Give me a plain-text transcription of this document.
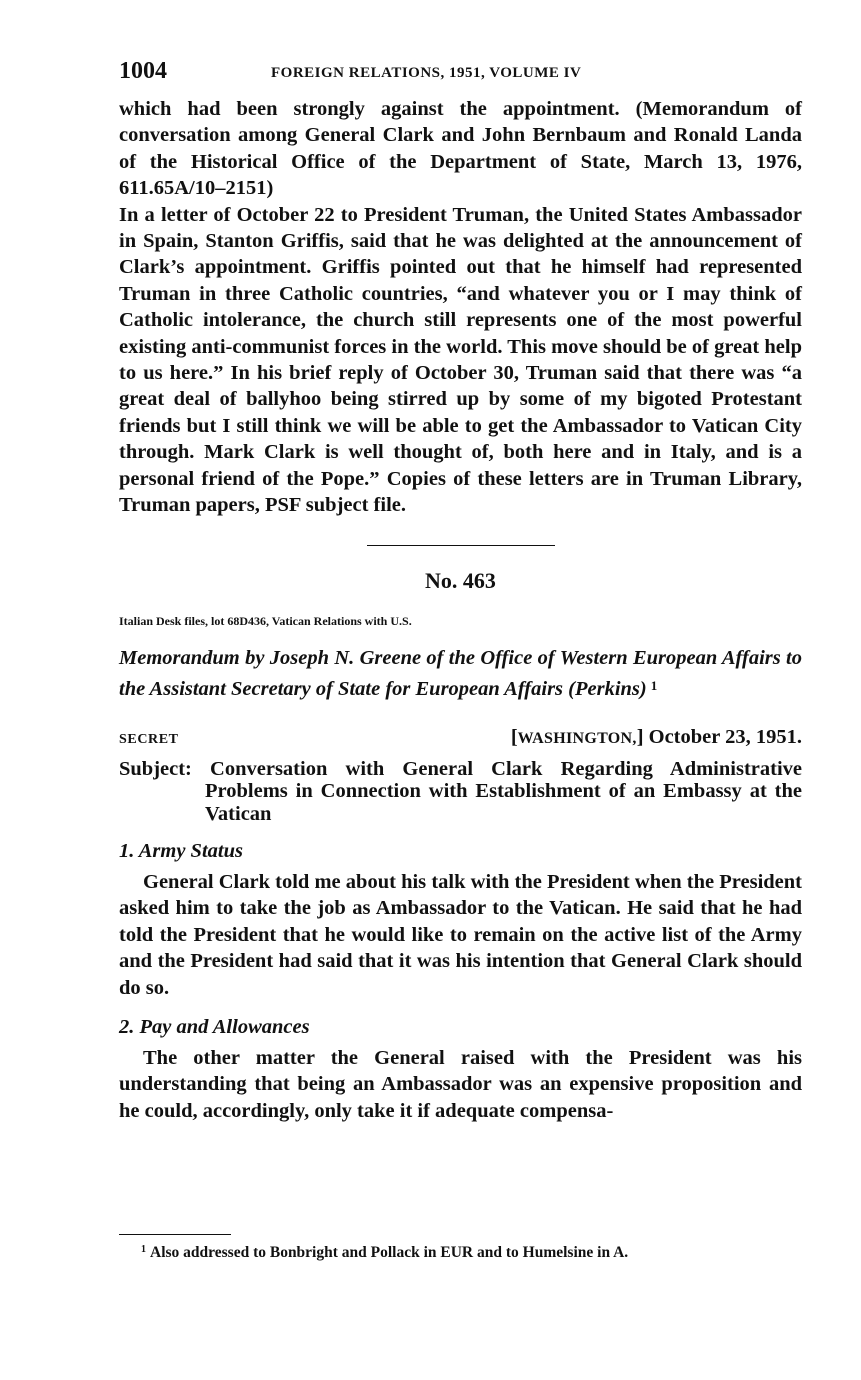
1004	FOREIGN RELATIONS, 1951, VOLUME IV

which had been strongly against the appointment. (Memorandum of conversation among General Clark and John Bernbaum and Ronald Landa of the Historical Office of the Department of State, March 13, 1976, 611.65A/10–2151)

In a letter of October 22 to President Truman, the United States Ambassador in Spain, Stanton Griffis, said that he was delighted at the announcement of Clark’s appointment. Griffis pointed out that he himself had represented Truman in three Catholic countries, “and whatever you or I may think of Catholic intolerance, the church still represents one of the most powerful existing anti-communist forces in the world. This move should be of great help to us here.” In his brief reply of October 30, Truman said that there was “a great deal of ballyhoo being stirred up by some of my bigoted Protestant friends but I still think we will be able to get the Ambassador to Vatican City through. Mark Clark is well thought of, both here and in Italy, and is a personal friend of the Pope.” Copies of these letters are in Truman Library, Truman papers, PSF subject file.

No. 463
Italian Desk files, lot 68D436, Vatican Relations with U.S.
Memorandum by Joseph N. Greene of the Office of Western European Affairs to the Assistant Secretary of State for European Affairs (Perkins) $^1$
SECRET	[WASHINGTON,] October 23, 1951.
Subject: Conversation with General Clark Regarding Administrative Problems in Connection with Establishment of an Embassy at the Vatican
1. Army Status

General Clark told me about his talk with the President when the President asked him to take the job as Ambassador to the Vatican. He said that he had told the President that he would like to remain on the active list of the Army and the President had said that it was his intention that General Clark should do so.

2. Pay and Allowances

The other matter the General raised with the President was his understanding that being an Ambassador was an expensive proposition and he could, accordingly, only take it if adequate compensa-

$^1$ Also addressed to Bonbright and Pollack in EUR and to Humelsine in A.
